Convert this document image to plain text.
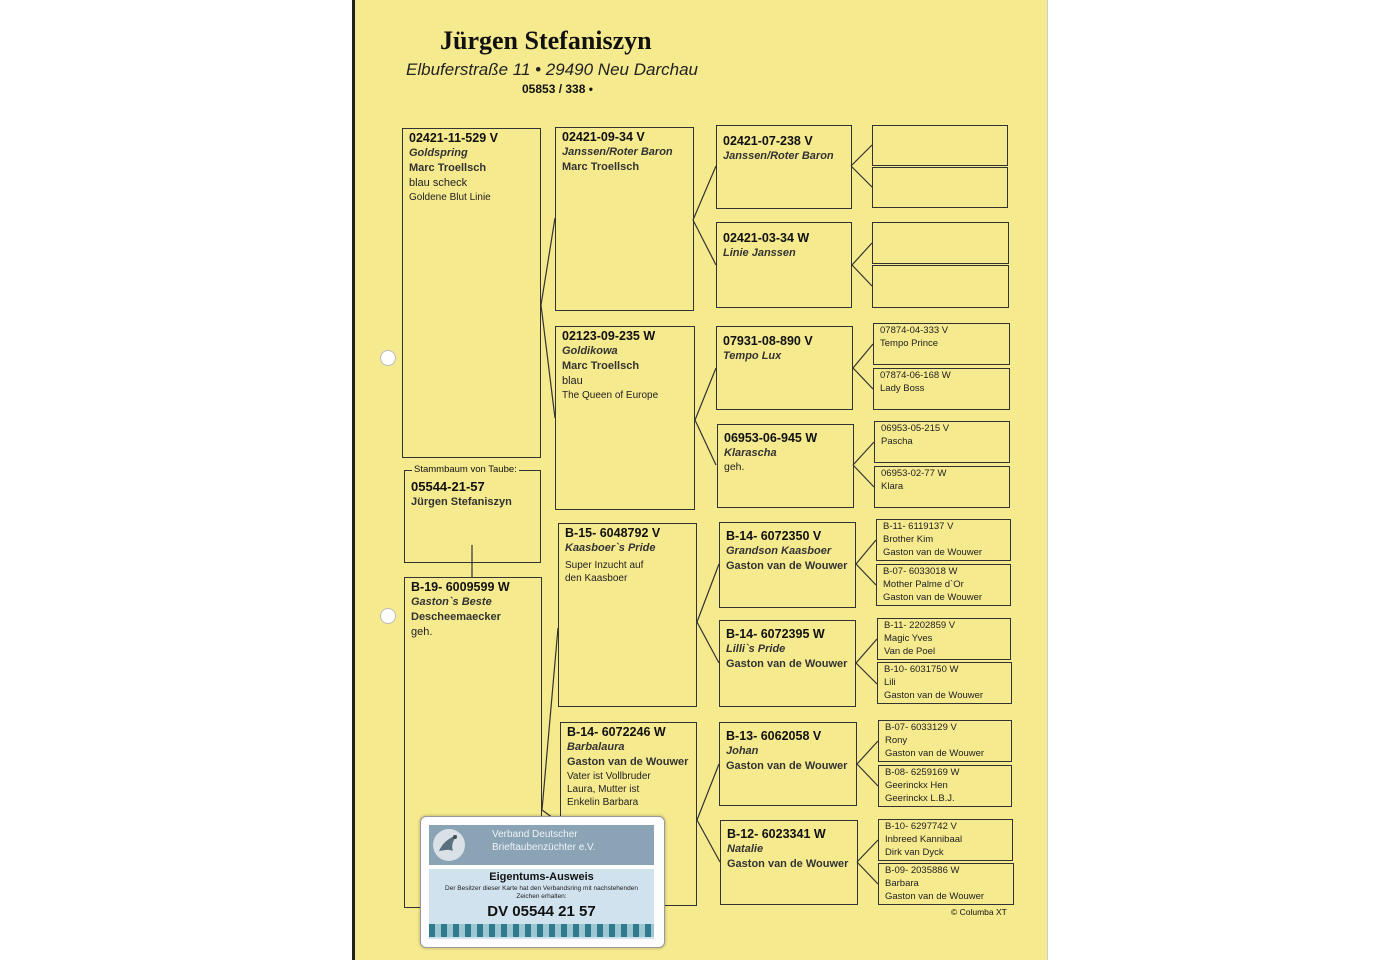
Jürgen Stefaniszyn
Elbuferstraße 11 • 29490 Neu Darchau
05853 / 338 •
02421-11-529 V
Goldspring
Marc Troellsch
blau scheck
Goldene Blut Linie
05544-21-57
Jürgen Stefaniszyn
Stammbaum von Taube:
B-19- 6009599 W
Gaston`s Beste
Descheemaecker
geh.
02421-09-34 V
Janssen/Roter Baron
Marc Troellsch
02123-09-235 W
Goldikowa
Marc Troellsch
blau
The Queen of Europe
B-15- 6048792 V
Kaasboer`s Pride
Super Inzucht auf den Kaasboer
B-14- 6072246 W
Barbalaura
Gaston van de Wouwer
Vater ist Vollbruder Laura, Mutter ist Enkelin Barbara
02421-07-238 V
Janssen/Roter Baron
02421-03-34 W
Linie Janssen
07931-08-890 V
Tempo Lux
06953-06-945 W
Klarascha
geh.
B-14- 6072350 V
Grandson Kaasboer
Gaston van de Wouwer
B-14- 6072395 W
Lilli`s Pride
Gaston van de Wouwer
B-13- 6062058 V
Johan
Gaston van de Wouwer
B-12- 6023341 W
Natalie
Gaston van de Wouwer
07874-04-333 V
Tempo Prince
07874-06-168 W
Lady Boss
06953-05-215 V
Pascha
06953-02-77 W
Klara
B-11- 6119137 V
Brother Kim
Gaston van de Wouwer
B-07- 6033018 W
Mother Palme d`Or
Gaston van de Wouwer
B-11- 2202859 V
Magic Yves
Van de Poel
B-10- 6031750 W
Lili
Gaston van de Wouwer
B-07- 6033129 V
Rony
Gaston van de Wouwer
B-08- 6259169 W
Geerinckx Hen
Geerinckx L.B.J.
B-10- 6297742 V
Inbreed Kannibaal
Dirk van Dyck
B-09- 2035886 W
Barbara
Gaston van de Wouwer
© Columba XT
Verband Deutscher Brieftaubenzüchter e.V.
Eigentums-Ausweis
Der Besitzer dieser Karte hat den Verbandsring mit nachstehenden Zeichen erhalten:
DV 05544 21 57
